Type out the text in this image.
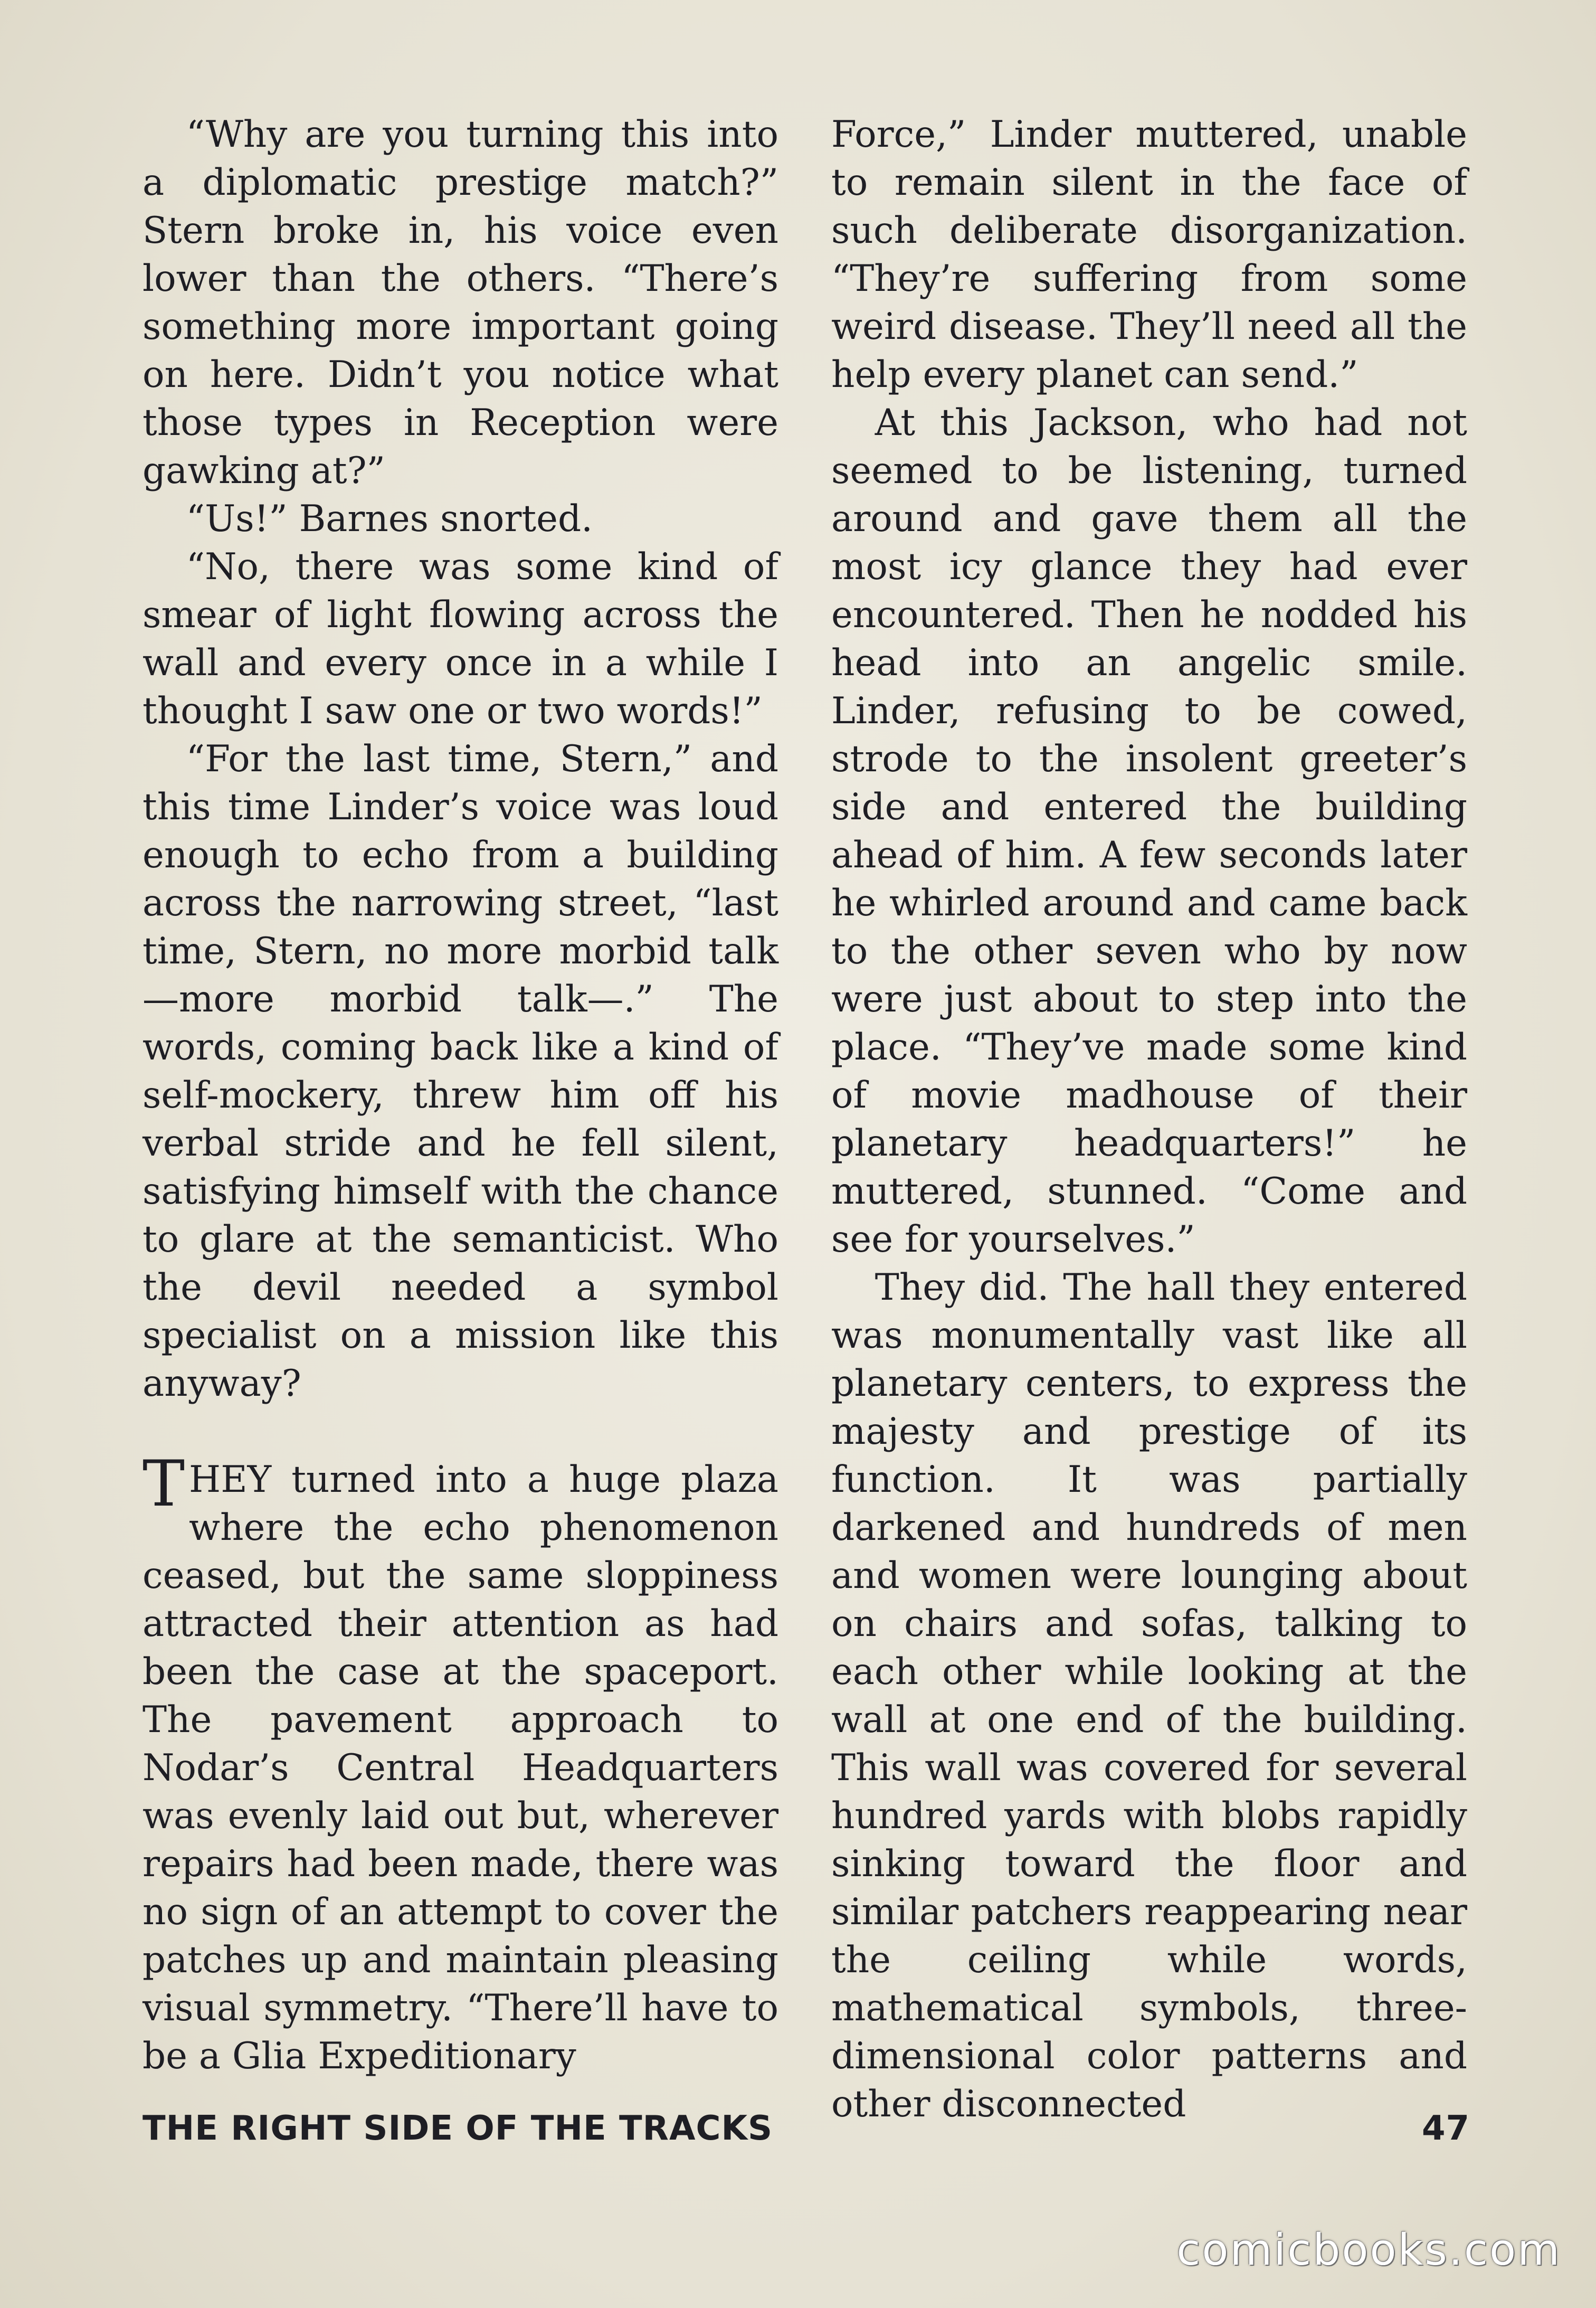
“Why are you turning this into a diplomatic prestige match?” Stern broke in, his voice even lower than the others. “There’s something more important going on here. Didn’t you notice what those types in Reception were gawking at?”

“Us!” Barnes snorted.

“No, there was some kind of smear of light flowing across the wall and every once in a while I thought I saw one or two words!”

“For the last time, Stern,” and this time Linder’s voice was loud enough to echo from a building across the narrowing street, “last time, Stern, no more morbid talk —more morbid talk—.” The words, coming back like a kind of self-mockery, threw him off his verbal stride and he fell silent, satisfying himself with the chance to glare at the semanticist. Who the devil needed a symbol specialist on a mission like this anyway?

THEY turned into a huge plaza where the echo phenomenon ceased, but the same sloppiness attracted their attention as had been the case at the spaceport. The pavement approach to Nodar’s Central Headquarters was evenly laid out but, wherever repairs had been made, there was no sign of an attempt to cover the patches up and maintain pleasing visual symmetry. “There’ll have to be a Glia Expeditionary

Force,” Linder muttered, unable to remain silent in the face of such deliberate disorganization. “They’re suffering from some weird disease. They’ll need all the help every planet can send.”

At this Jackson, who had not seemed to be listening, turned around and gave them all the most icy glance they had ever encountered. Then he nodded his head into an angelic smile. Linder, refusing to be cowed, strode to the insolent greeter’s side and entered the building ahead of him. A few seconds later he whirled around and came back to the other seven who by now were just about to step into the place. “They’ve made some kind of movie madhouse of their planetary headquarters!” he muttered, stunned. “Come and see for yourselves.”

They did. The hall they entered was monumentally vast like all planetary centers, to express the majesty and prestige of its function. It was partially darkened and hundreds of men and women were lounging about on chairs and sofas, talking to each other while looking at the wall at one end of the building. This wall was covered for several hundred yards with blobs rapidly sinking toward the floor and similar patchers reappearing near the ceiling while words, mathematical symbols, three-dimensional color patterns and other disconnected

THE RIGHT SIDE OF THE TRACKS	47
comicbooks.com
